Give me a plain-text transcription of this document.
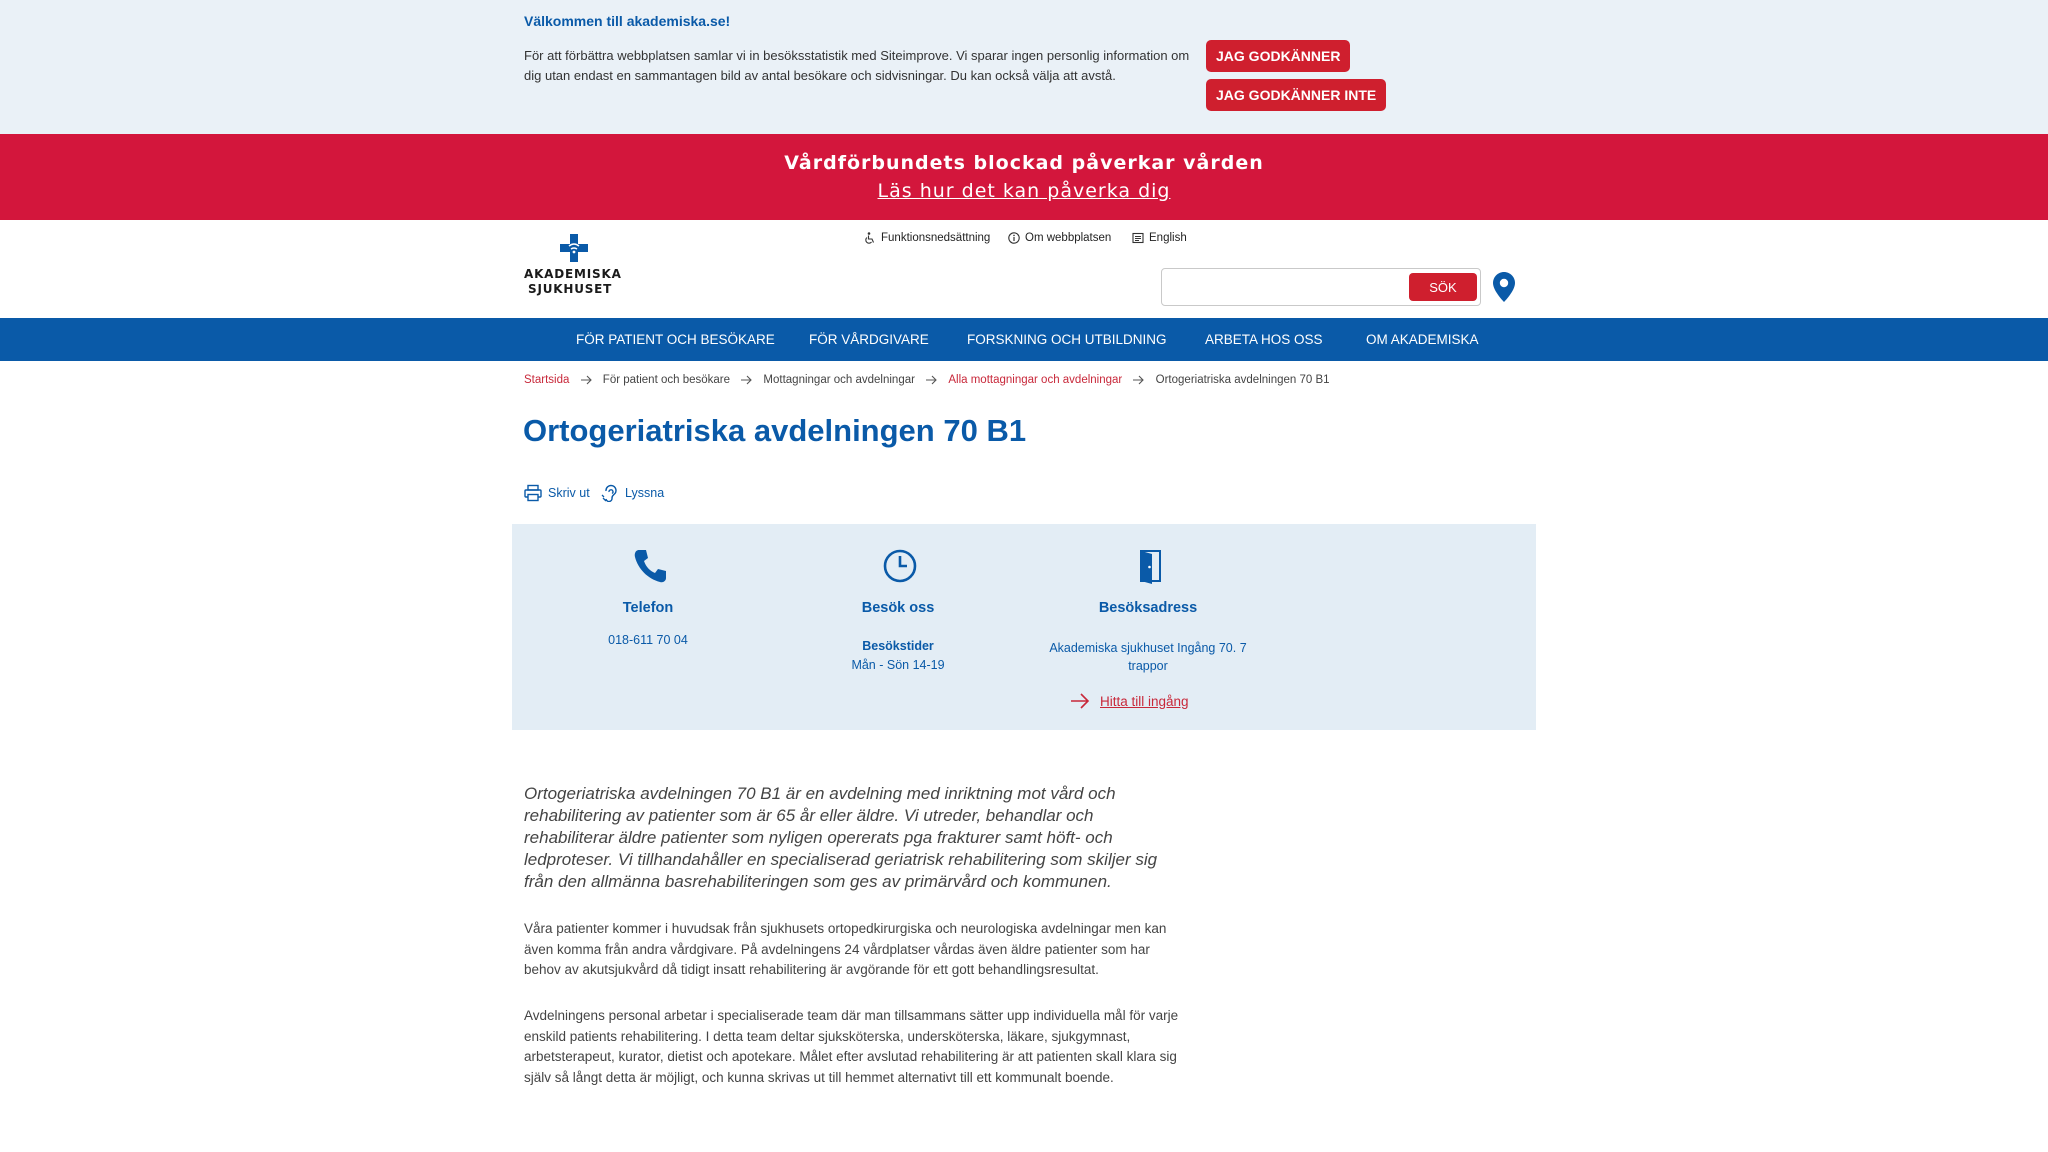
Välkommen till akademiska.se!
För att förbättra webbplatsen samlar vi in besöksstatistik med Siteimprove. Vi sparar ingen personlig information om dig utan endast en sammantagen bild av antal besökare och sidvisningar. Du kan också välja att avstå.
JAG GODKÄNNER
JAG GODKÄNNER INTE
Vårdförbundets blockad påverkar vården
Läs hur det kan påverka dig
AKADEMISKA
SJUKHUSET
Funktionsnedsättning	Om webbplatsen	English
SÖK
FÖR PATIENT OCH BESÖKARE	FÖR VÅRDGIVARE	FORSKNING OCH UTBILDNING	ARBETA HOS OSS	OM AKADEMISKA
Startsida	För patient och besökare	Mottagningar och avdelningar	Alla mottagningar och avdelningar	Ortogeriatriska avdelningen 70 B1
Ortogeriatriska avdelningen 70 B1
Skriv ut	Lyssna
Telefon
018-611 70 04
Besök oss
Besökstider
Mån - Sön 14-19
Besöksadress
Akademiska sjukhuset Ingång 70. 7 trappor
Hitta till ingång
Ortogeriatriska avdelningen 70 B1 är en avdelning med inriktning mot vård och rehabilitering av patienter som är 65 år eller äldre. Vi utreder, behandlar och rehabiliterar äldre patienter som nyligen opererats pga frakturer samt höft- och ledproteser. Vi tillhandahåller en specialiserad geriatrisk rehabilitering som skiljer sig från den allmänna basrehabiliteringen som ges av primärvård och kommunen.
Våra patienter kommer i huvudsak från sjukhusets ortopedkirurgiska och neurologiska avdelningar men kan även komma från andra vårdgivare. På avdelningens 24 vårdplatser vårdas även äldre patienter som har behov av akutsjukvård då tidigt insatt rehabilitering är avgörande för ett gott behandlingsresultat.
Avdelningens personal arbetar i specialiserade team där man tillsammans sätter upp individuella mål för varje enskild patients rehabilitering. I detta team deltar sjuksköterska, undersköterska, läkare, sjukgymnast, arbetsterapeut, kurator, dietist och apotekare. Målet efter avslutad rehabilitering är att patienten skall klara sig själv så långt detta är möjligt, och kunna skrivas ut till hemmet alternativt till ett kommunalt boende.
